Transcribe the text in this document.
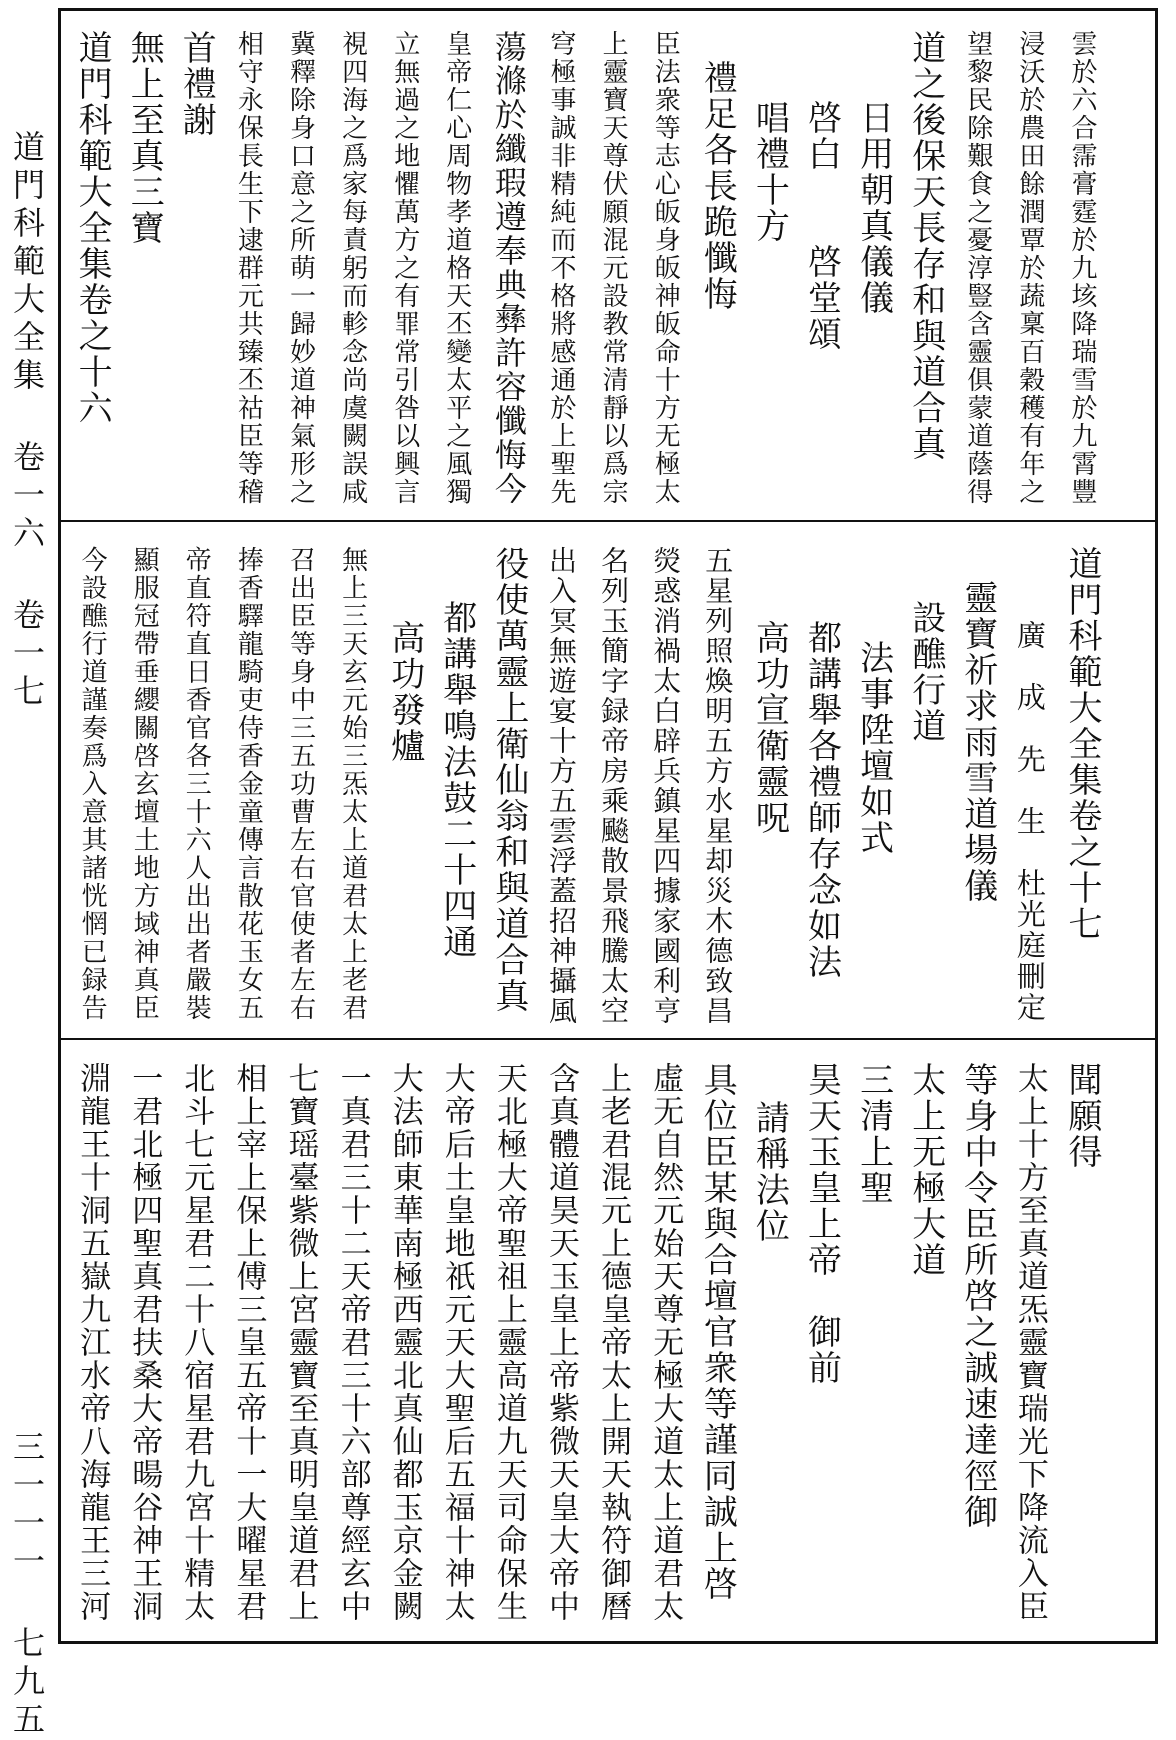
道門科範大全集 卷一六 卷一七
三一一一 七九五
雲於六合霈膏霆於九垓降瑞雪於九霄豐
浸沃於農田餘潤覃於蔬稟百穀穫有年之
望黎民除艱食之憂淳豎含靈俱蒙道蔭得
道之後保天長存和與道合真
日用朝真儀儀
啓白　　啓堂頌
唱禮十方
禮足各長跪懺悔
臣法衆等志心皈身皈神皈命十方无極太
上靈寶天尊伏願混元設教常清靜以爲宗
穹極事誠非精純而不格將感通於上聖先
蕩滌於纖瑕遵奉典彝許容懺悔今
皇帝仁心周物孝道格天丕變太平之風獨
立無過之地懼萬方之有罪常引咎以興言
視四海之爲家每責躬而軫念尚虞闕誤咸
冀釋除身口意之所萌一歸妙道神氣形之
相守永保長生下逮群元共臻丕祜臣等稽
首禮謝
無上至真三寶
道門科範大全集卷之十六
道門科範大全集卷之十七
廣　成　先　生　杜光庭刪定
靈寶祈求雨雪道場儀
設醮行道
法事陞壇如式
都講舉各禮師存念如法
高功宣衛靈呪
五星列照煥明五方水星却災木德致昌
熒惑消禍太白辟兵鎮星四據家國利亨
名列玉簡字録帝房乘飈散景飛騰太空
出入冥無遊宴十方五雲浮蓋招神攝風
役使萬靈上衛仙翁和與道合真
都講舉鳴法鼓二十四通
高功發爐
無上三天玄元始三炁太上道君太上老君
召出臣等身中三五功曹左右官使者左右
捧香驛龍騎吏侍香金童傳言散花玉女五
帝直符直日香官各三十六人出出者嚴裝
顯服冠帶垂纓關啓玄壇土地方域神真臣
今設醮行道謹奏爲入意其諸恍惘已録告
聞願得
太上十方至真道炁靈寶瑞光下降流入臣
等身中令臣所啓之誠速達徑御
太上无極大道
三清上聖
昊天玉皇上帝　御前
請稱法位
具位臣某與合壇官衆等謹同誠上啓
虛无自然元始天尊无極大道太上道君太
上老君混元上德皇帝太上開天執符御曆
含真體道昊天玉皇上帝紫微天皇大帝中
天北極大帝聖祖上靈高道九天司命保生
大帝后土皇地祇元天大聖后五福十神太
大法師東華南極西靈北真仙都玉京金闕
一真君三十二天帝君三十六部尊經玄中
七寶瑶臺紫微上宮靈寶至真明皇道君上
相上宰上保上傅三皇五帝十一大曜星君
北斗七元星君二十八宿星君九宮十精太
一君北極四聖真君扶桑大帝暘谷神王洞
淵龍王十洞五嶽九江水帝八海龍王三河
